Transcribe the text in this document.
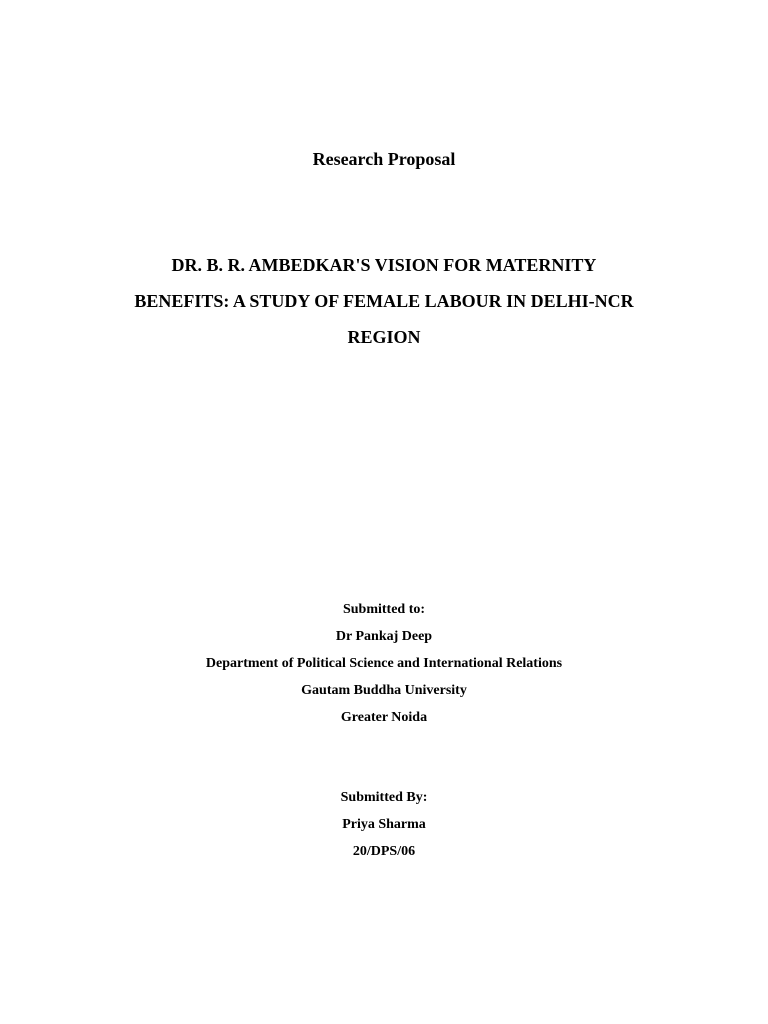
Research Proposal
DR. B. R. AMBEDKAR'S VISION FOR MATERNITY
BENEFITS: A STUDY OF FEMALE LABOUR IN DELHI-NCR
REGION
Submitted to:
Dr Pankaj Deep
Department of Political Science and International Relations
Gautam Buddha University
Greater Noida
Submitted By:
Priya Sharma
20/DPS/06
